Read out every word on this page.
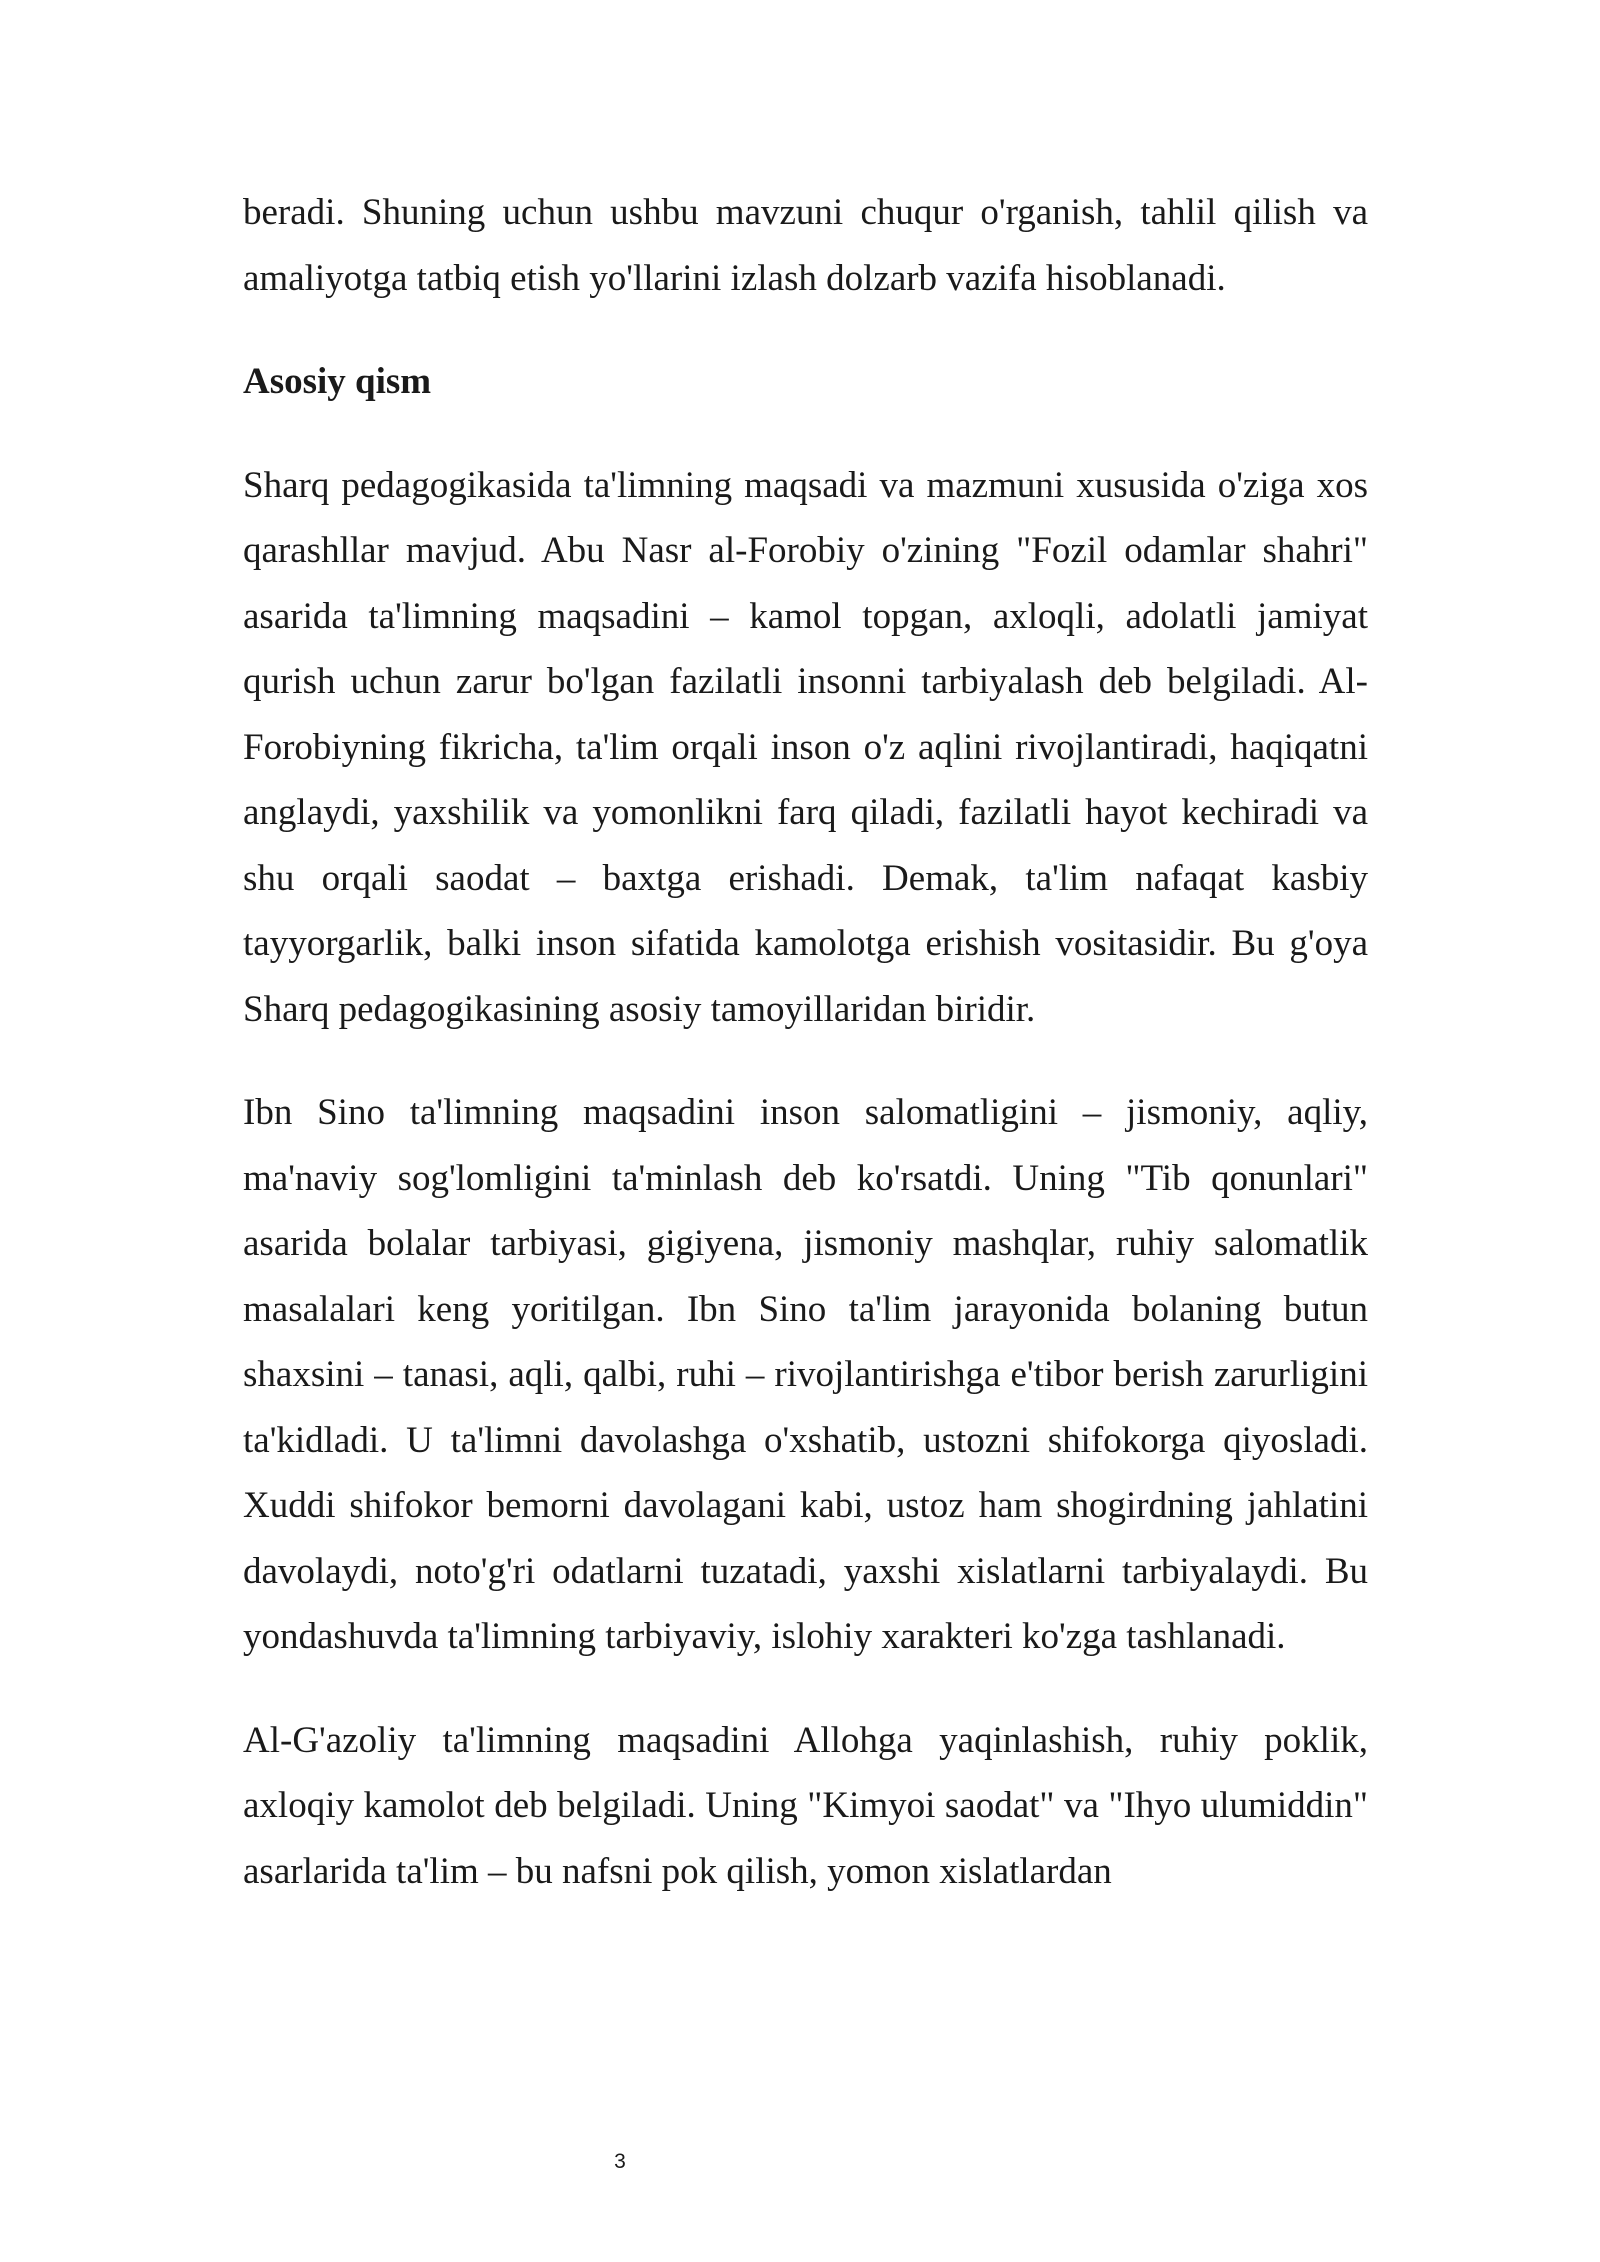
beradi. Shuning uchun ushbu mavzuni chuqur o'rganish, tahlil qilish va amaliyotga tatbiq etish yo'llarini izlash dolzarb vazifa hisoblanadi.

Asosiy qism

Sharq pedagogikasida ta'limning maqsadi va mazmuni xususida o'ziga xos qarashllar mavjud. Abu Nasr al-Forobiy o'zining "Fozil odamlar shahri" asarida ta'limning maqsadini – kamol topgan, axloqli, adolatli jamiyat qurish uchun zarur bo'lgan fazilatli insonni tarbiyalash deb belgiladi. Al-Forobiyning fikricha, ta'lim orqali inson o'z aqlini rivojlantiradi, haqiqatni anglaydi, yaxshilik va yomonlikni farq qiladi, fazilatli hayot kechiradi va shu orqali saodat – baxtga erishadi. Demak, ta'lim nafaqat kasbiy tayyorgarlik, balki inson sifatida kamolotga erishish vositasidir. Bu g'oya Sharq pedagogikasining asosiy tamoyillaridan biridir.

Ibn Sino ta'limning maqsadini inson salomatligini – jismoniy, aqliy, ma'naviy sog'lomligini ta'minlash deb ko'rsatdi. Uning "Tib qonunlari" asarida bolalar tarbiyasi, gigiyena, jismoniy mashqlar, ruhiy salomatlik masalalari keng yoritilgan. Ibn Sino ta'lim jarayonida bolaning butun shaxsini – tanasi, aqli, qalbi, ruhi – rivojlantirishga e'tibor berish zarurligini ta'kidladi. U ta'limni davolashga o'xshatib, ustozni shifokorga qiyosladi. Xuddi shifokor bemorni davolagani kabi, ustoz ham shogirdning jahlatini davolaydi, noto'g'ri odatlarni tuzatadi, yaxshi xislatlarni tarbiyalaydi. Bu yondashuvda ta'limning tarbiyaviy, islohiy xarakteri ko'zga tashlanadi.

Al-G'azoliy ta'limning maqsadini Allohga yaqinlashish, ruhiy poklik, axloqiy kamolot deb belgiladi. Uning "Kimyoi saodat" va "Ihyo ulumiddin" asarlarida ta'lim – bu nafsni pok qilish, yomon xislatlardan

3
